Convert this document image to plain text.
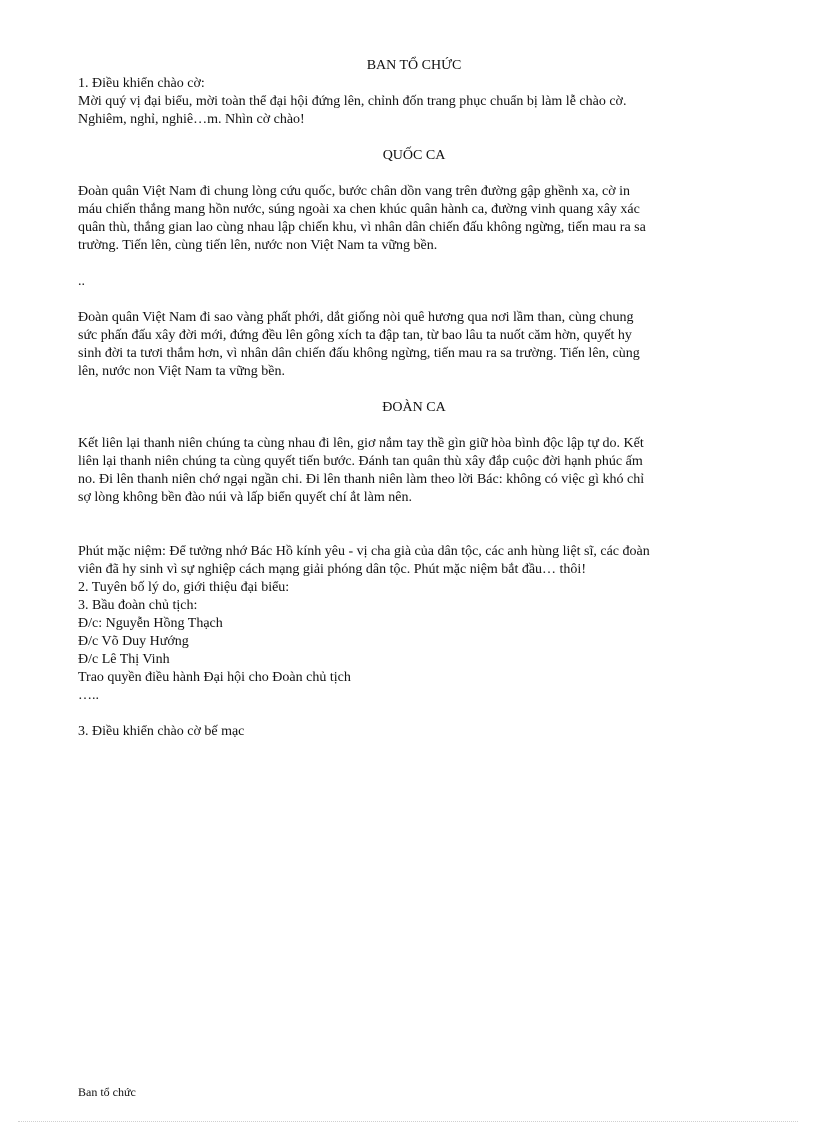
BAN TỔ CHỨC

1. Điều khiển chào cờ:

Mời quý vị đại biểu, mời toàn thể đại hội đứng lên, chỉnh đốn trang phục chuẩn bị làm lễ chào cờ.
Nghiêm, nghỉ, nghiê…m. Nhìn cờ chào!

QUỐC CA

Đoàn quân Việt Nam đi chung lòng cứu quốc, bước chân dồn vang trên đường gập ghềnh xa, cờ in
máu chiến thắng mang hồn nước, súng ngoài xa chen khúc quân hành ca, đường vinh quang xây xác
quân thù, thắng gian lao cùng nhau lập chiến khu, vì nhân dân chiến đấu không ngừng, tiến mau ra sa
trường. Tiến lên, cùng tiến lên, nước non Việt Nam ta vững bền.

..

Đoàn quân Việt Nam đi sao vàng phất phới, dắt giống nòi quê hương qua nơi lầm than, cùng chung
sức phấn đấu xây đời mới, đứng đều lên gông xích ta đập tan, từ bao lâu ta nuốt căm hờn, quyết hy
sinh đời ta tươi thắm hơn, vì nhân dân chiến đấu không ngừng, tiến mau ra sa trường. Tiến lên, cùng
lên, nước non Việt Nam ta vững bền.

ĐOÀN CA

Kết liên lại thanh niên chúng ta cùng nhau đi lên, giơ nắm tay thề gìn giữ hòa bình độc lập tự do. Kết
liên lại thanh niên chúng ta cùng quyết tiến bước. Đánh tan quân thù xây đắp cuộc đời hạnh phúc ấm
no. Đi lên thanh niên chớ ngại ngần chi. Đi lên thanh niên làm theo lời Bác: không có việc gì khó chỉ
sợ lòng không bền đào núi và lấp biển quyết chí ắt làm nên.

Phút mặc niệm: Để tưởng nhớ Bác Hồ kính yêu - vị cha già của dân tộc, các anh hùng liệt sĩ, các đoàn
viên đã hy sinh vì sự nghiệp cách mạng giải phóng dân tộc. Phút mặc niệm bắt đầu… thôi!

2. Tuyên bố lý do, giới thiệu đại biểu:

3. Bầu đoàn chủ tịch:

Đ/c: Nguyễn Hồng Thạch

Đ/c Võ Duy Hướng

Đ/c Lê Thị Vinh

Trao quyền điều hành Đại hội cho Đoàn chủ tịch

…..

3. Điều khiển chào cờ bế mạc

Ban tổ chức
